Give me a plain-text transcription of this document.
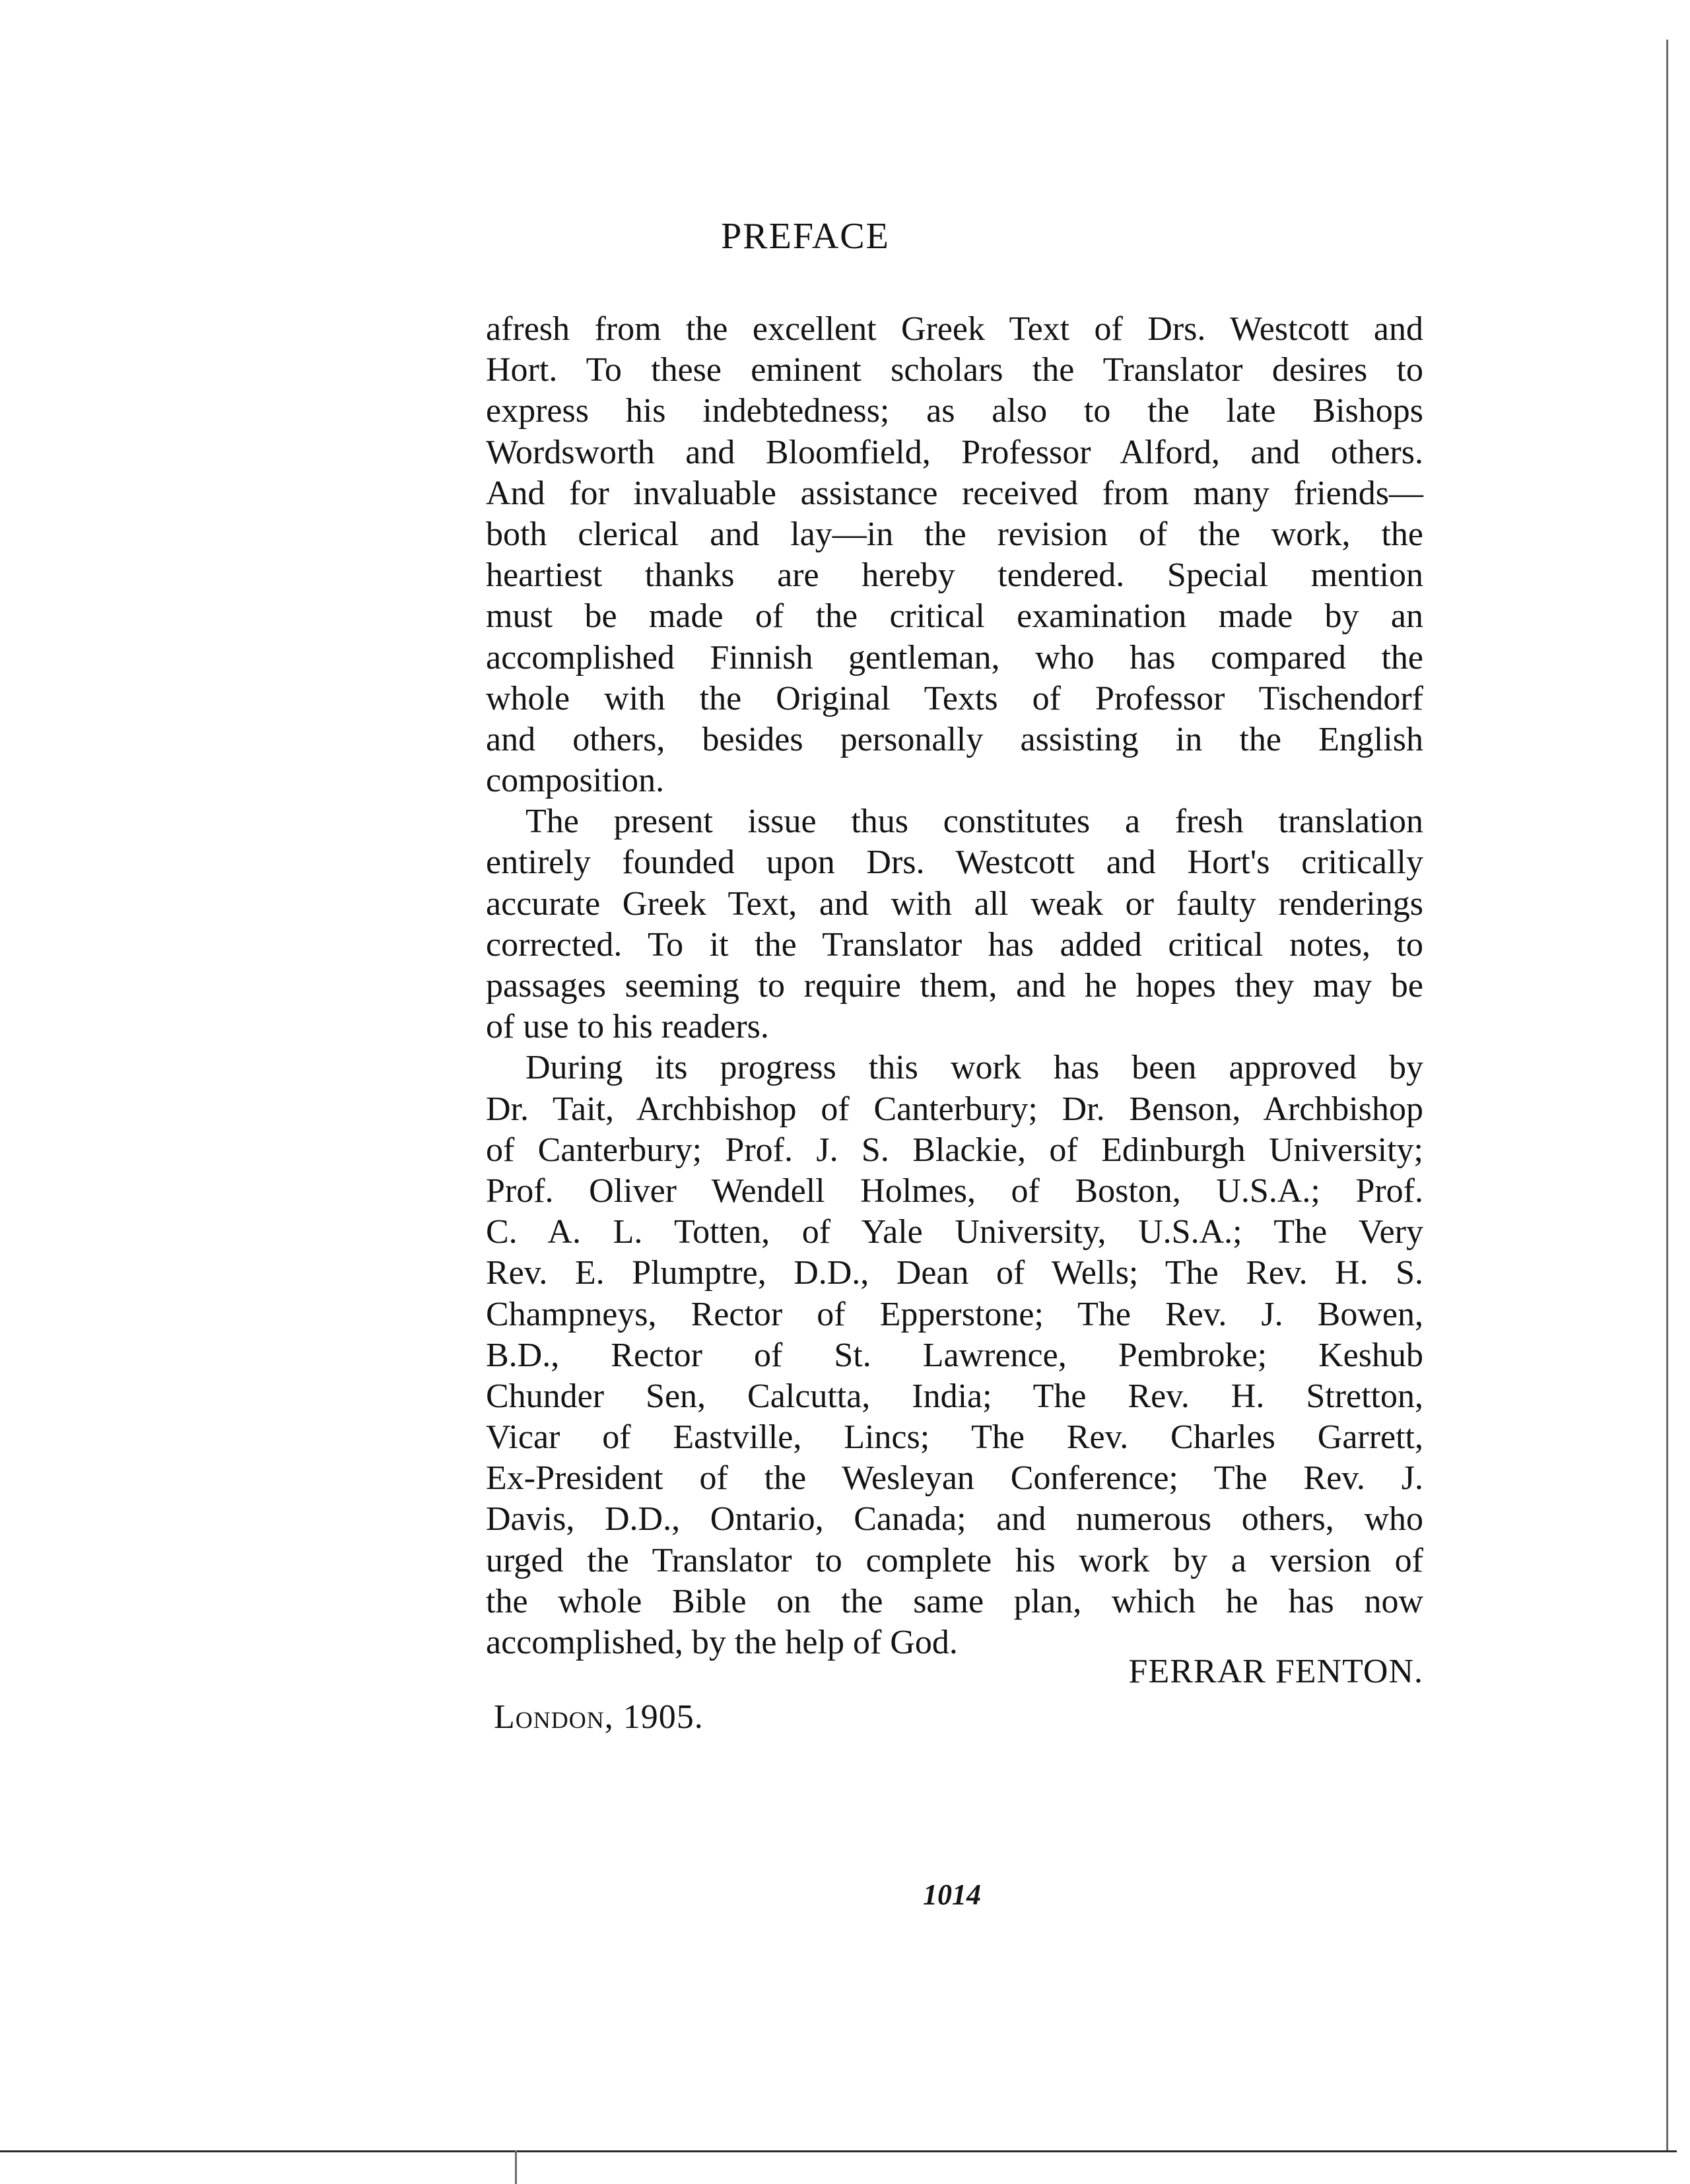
PREFACE
afresh from the excellent Greek Text of Drs. Westcott and
Hort. To these eminent scholars the Translator desires to
express his indebtedness; as also to the late Bishops
Wordsworth and Bloomfield, Professor Alford, and others.
And for invaluable assistance received from many friends—
both clerical and lay—in the revision of the work, the
heartiest thanks are hereby tendered. Special mention
must be made of the critical examination made by an
accomplished Finnish gentleman, who has compared the
whole with the Original Texts of Professor Tischendorf
and others, besides personally assisting in the English
composition.
The present issue thus constitutes a fresh translation
entirely founded upon Drs. Westcott and Hort's critically
accurate Greek Text, and with all weak or faulty renderings
corrected. To it the Translator has added critical notes, to
passages seeming to require them, and he hopes they may be
of use to his readers.
During its progress this work has been approved by
Dr. Tait, Archbishop of Canterbury; Dr. Benson, Archbishop
of Canterbury; Prof. J. S. Blackie, of Edinburgh University;
Prof. Oliver Wendell Holmes, of Boston, U.S.A.; Prof.
C. A. L. Totten, of Yale University, U.S.A.; The Very
Rev. E. Plumptre, D.D., Dean of Wells; The Rev. H. S.
Champneys, Rector of Epperstone; The Rev. J. Bowen,
B.D., Rector of St. Lawrence, Pembroke; Keshub
Chunder Sen, Calcutta, India; The Rev. H. Stretton,
Vicar of Eastville, Lincs; The Rev. Charles Garrett,
Ex-President of the Wesleyan Conference; The Rev. J.
Davis, D.D., Ontario, Canada; and numerous others, who
urged the Translator to complete his work by a version of
the whole Bible on the same plan, which he has now
accomplished, by the help of God.
FERRAR FENTON.
London, 1905.
1014
